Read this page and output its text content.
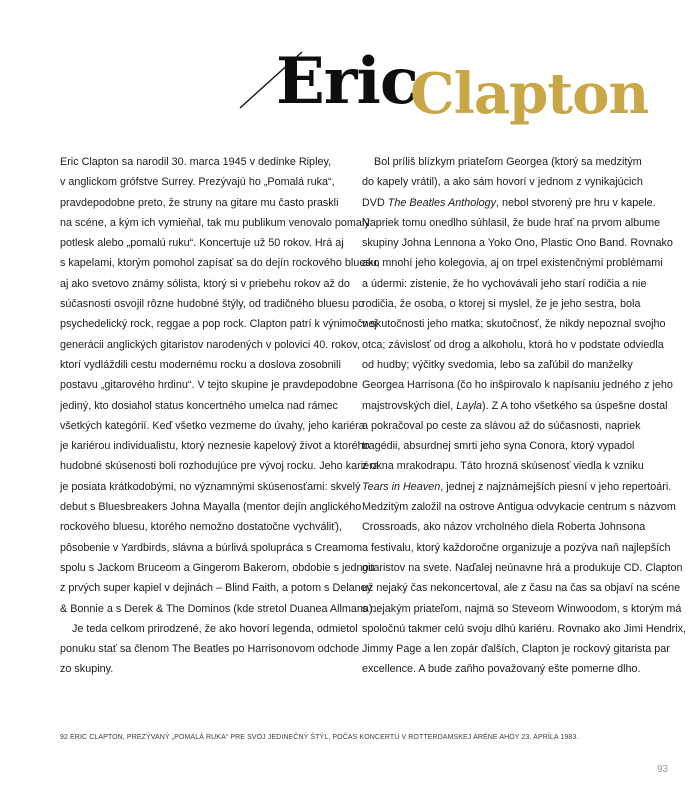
Eric
Clapton

Eric Clapton sa narodil 30. marca 1945 v dedinke Ripley,
v anglickom grófstve Surrey. Prezývajú ho „Pomalá ruka“,
pravdepodobne preto, že struny na gitare mu často praskli
na scéne, a kým ich vymieňal, tak mu publikum venovalo pomalý
potlesk alebo „pomalú ruku“. Koncertuje už 50 rokov. Hrá aj
s kapelami, ktorým pomohol zapísať sa do dejín rockového bluesu,
aj ako svetovo známy sólista, ktorý si v priebehu rokov až do
súčasnosti osvojil rôzne hudobné štýly, od tradičného bluesu po
psychedelický rock, reggae a pop rock. Clapton patrí k výnimočnej
generácii anglických gitaristov narodených v polovici 40. rokov,
ktorí vydláždili cestu modernému rocku a doslova zosobnili
postavu „gitarového hrdinu“. V tejto skupine je pravdepodobne
jediný, kto dosiahol status koncertného umelca nad rámec
všetkých kategórií. Keď všetko vezmeme do úvahy, jeho kariéra
je kariérou individualistu, ktorý neznesie kapelový život a ktorého
hudobné skúsenosti boli rozhodujúce pre vývoj rocku. Jeho kariéra
je posiata krátkodobými, no významnými skúsenosťami: skvelý
debut s Bluesbreakers Johna Mayalla (mentor dejín anglického
rockového bluesu, ktorého nemožno dostatočne vychváliť),
pôsobenie v Yardbirds, slávna a búrlivá spolupráca s Creamom
spolu s Jackom Bruceom a Gingerom Bakerom, obdobie s jednou
z prvých super kapiel v dejinách – Blind Faith, a potom s Delaney
& Bonnie a s Derek & The Dominos (kde stretol Duanea Allmana).

Je teda celkom prirodzené, že ako hovorí legenda, odmietol
ponuku stať sa členom The Beatles po Harrisonovom odchode
zo skupiny.

Bol príliš blízkym priateľom Georgea (ktorý sa medzitým
do kapely vrátil), a ako sám hovorí v jednom z vynikajúcich
DVD The Beatles Anthology, nebol stvorený pre hru v kapele.
Napriek tomu onedlho súhlasil, že bude hrať na prvom albume
skupiny Johna Lennona a Yoko Ono, Plastic Ono Band. Rovnako
ako mnohí jeho kolegovia, aj on trpel existenčnými problémami
a údermi: zistenie, že ho vychovávali jeho starí rodičia a nie
rodičia, že osoba, o ktorej si myslel, že je jeho sestra, bola
v skutočnosti jeho matka; skutočnosť, že nikdy nepoznal svojho
otca; závislosť od drog a alkoholu, ktorá ho v podstate odviedla
od hudby; výčitky svedomia, lebo sa zaľúbil do manželky
Georgea Harrisona (čo ho inšpirovalo k napísaniu jedného z jeho
majstrovských diel, Layla). Z A toho všetkého sa úspešne dostal
a pokračoval po ceste za slávou až do súčasnosti, napriek
tragédii, absurdnej smrti jeho syna Conora, ktorý vypadol
z okna mrakodrapu. Táto hrozná skúsenosť viedla k vzniku
Tears in Heaven, jednej z najznámejších piesní v jeho repertoári.
Medzitým založil na ostrove Antigua odvykacie centrum s názvom
Crossroads, ako názov vrcholného diela Roberta Johnsona
a festivalu, ktorý každoročne organizuje a pozýva naň najlepších
gitaristov na svete. Naďalej neúnavne hrá a produkuje CD. Clapton
už nejaký čas nekoncertoval, ale z času na čas sa objaví na scéne
s nejakým priateľom, najmä so Steveom Winwoodom, s ktorým má
spoločnú takmer celú svoju dlhú kariéru. Rovnako ako Jimi Hendrix,
Jimmy Page a len zopár ďalších, Clapton je rockový gitarista par
excellence. A bude zaňho považovaný ešte pomerne dlho.

92 ERIC CLAPTON, PREZÝVANÝ „POMALÁ RUKA“ PRE SVOJ JEDINEČNÝ ŠTÝL, POČAS KONCERTU V ROTTERDAMSKEJ ARÉNE AHOY 23. APRÍLA 1983.
93
